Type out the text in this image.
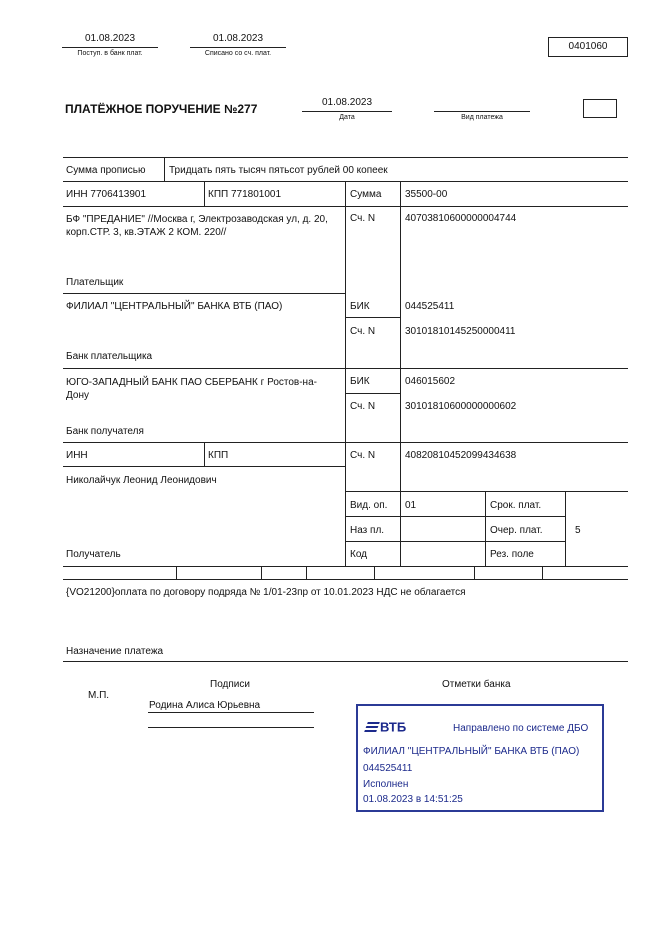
01.08.2023
Поступ. в банк плат.
01.08.2023
Списано со сч. плат.
0401060
ПЛАТЁЖНОЕ ПОРУЧЕНИЕ №277	01.08.2023
Дата	Вид платежа
Сумма прописью Тридцать пять тысяч пятьсот рублей 00 копеек
ИНН 7706413901	КПП 771801001	Сумма 35500-00
БФ "ПРЕДАНИЕ" //Москва г, Электрозаводская ул, д. 20, корп.СТР. 3, кв.ЭТАЖ 2 КОМ. 220//
Сч. N	40703810600000004744
Плательщик
ФИЛИАЛ "ЦЕНТРАЛЬНЫЙ" БАНКА ВТБ (ПАО)	БИК	044525411
Сч. N	30101810145250000411
Банк плательщика
ЮГО-ЗАПАДНЫЙ БАНК ПАО СБЕРБАНК г Ростов-на-Дону
БИК	046015602
Сч. N	30101810600000000602
Банк получателя
ИНН	КПП	Сч. N	40820810452099434638
Николайчук Леонид Леонидович
Вид. оп. 01	Срок. плат.
Наз пл.	Очер. плат.	5
Получатель	Код	Рез. поле
{VO21200}оплата по договору подряда № 1/01-23пр от 10.01.2023 НДС не облагается
Назначение платежа
Подписи	Отметки банка
М.П.
Родина Алиса Юрьевна
ВТБ	Направлено по системе ДБО
ФИЛИАЛ "ЦЕНТРАЛЬНЫЙ" БАНКА ВТБ (ПАО)
044525411
Исполнен
01.08.2023 в 14:51:25
